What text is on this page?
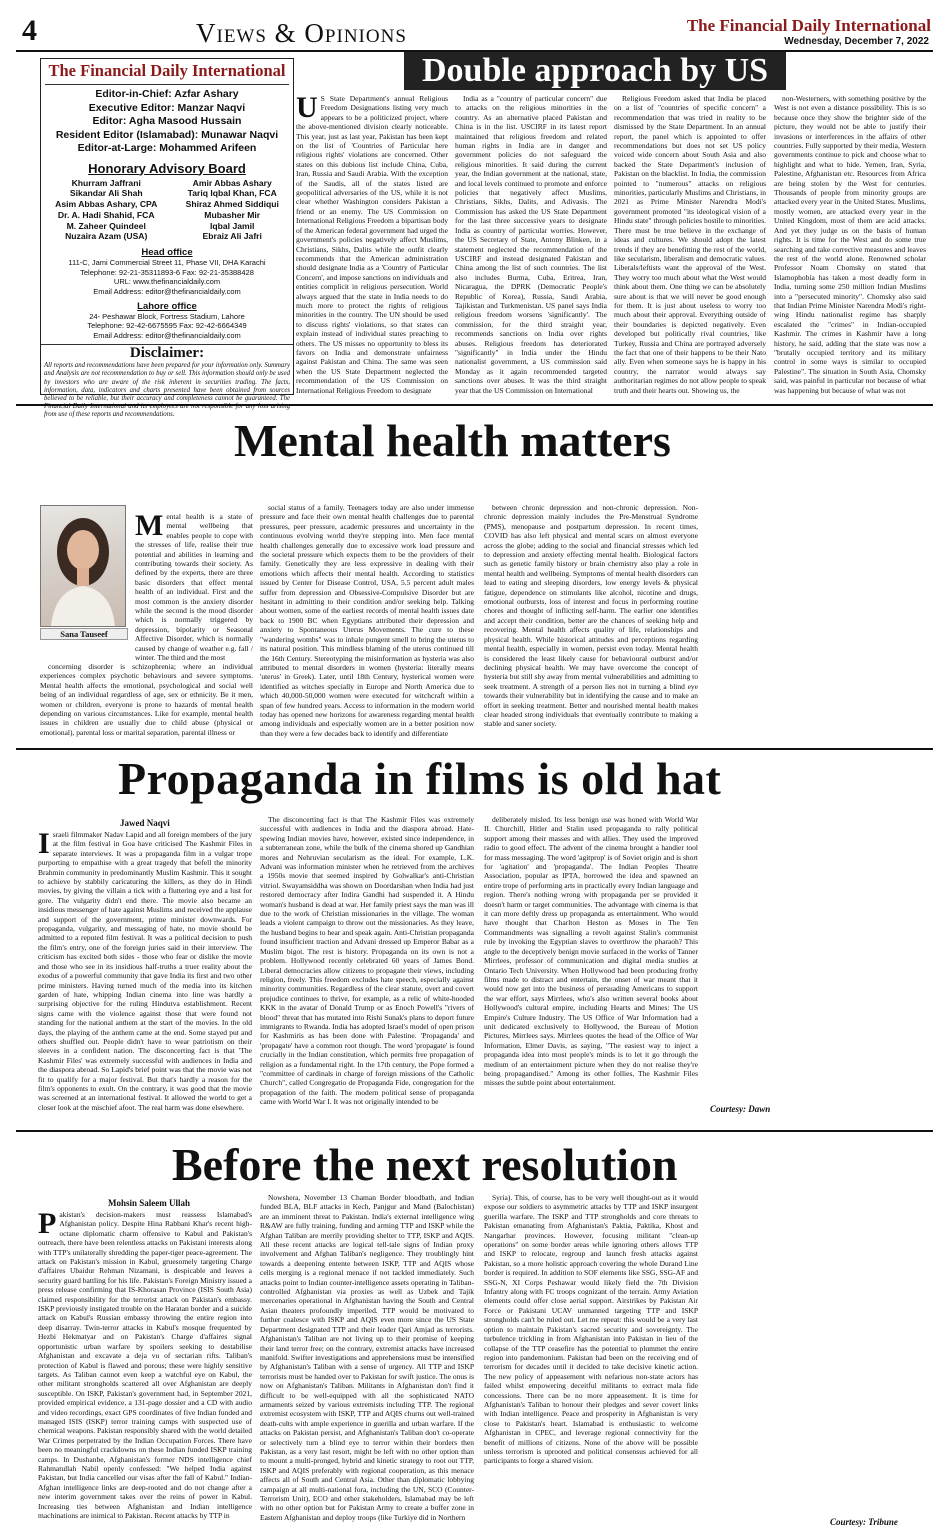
4	Views & Opinions	The Financial Daily International
Wednesday, December 7, 2022
The Financial Daily International
Editor-in-Chief: Azfar Ashary
Executive Editor: Manzar Naqvi
Editor: Agha Masood Hussain
Resident Editor (Islamabad): Munawar Naqvi
Editor-at-Large: Mohammed Arifeen
Honorary Advisory Board
Khurram Jaffrani
Sikandar Ali Shah
Asim Abbas Ashary, CPA
Dr. A. Hadi Shahid, FCA
M. Zaheer Quindeel
Nuzaira Azam (USA)
Amir Abbas Ashary
Tariq Iqbal Khan, FCA
Shiraz Ahmed Siddiqui
Mubasher Mir
Iqbal Jamil
Ebraiz Ali Jafri
Head office
111-C, Jami Commercial Street 11, Phase VII, DHA Karachi
Telephone: 92-21-35311893-6 Fax: 92-21-35388428
URL: www.thefinancialdaily.com
Email Address: editor@thefinancialdaily.com
Lahore office
24- Peshawar Block, Fortress Stadium, Lahore
Telephone: 92-42-6675595 Fax: 92-42-6664349
Email Address: editor@thefinancialdaily.com
Disclaimer:
All reports and recommendations have been prepared for your information only. Summary and Analysis are not recommendation to buy or sell. This information should only be used by investors who are aware of the risk inherent in securities trading. The facts, information, data, indicators and charts presented have been obtained from sources believed to be reliable, but their accuracy and completeness cannot be guaranteed. The Financial Daily International and its employees are not responsible for any loss arising from use of these reports and recommendations.
Double approach by US

U S State Department's annual Religious Freedom Designations listing very much appears to be a politicized project, where the above-mentioned division clearly noticeable. This year, just as last year, Pakistan has been kept on the list of 'Countries of Particular here religious rights' violations are concerned. Other states on this dubious list include China, Cuba, Iran, Russia and Saudi Arabia. With the exception of the Saudis, all of the states listed are geopolitical adversaries of the US, while it is not clear whether Washington considers Pakistan a friend or an enemy. The US Commission on International Religious Freedom a bipartisan body of the American federal government had urged the government's policies negatively affect Muslims, Christians, Sikhs, Dalits while the outfit clearly recommends that the American administration should designate India as a 'Country of Particular Concern', and impose sanctions on individuals and entities complicit in religious persecution. World always argued that the state in India needs to do much more to protect the rights of religious minorities in the country. The UN should be used to discuss rights' violations, so that states can explain instead of individual states preaching to others. The US misses no opportunity to bless its favors on India and demonstrate unfairness against Pakistan and China. The same was seen when the US State Department neglected the recommendation of the US Commission on International Religious Freedom to designate

India as a "country of particular concern" due to attacks on the religious minorities in the country. As an alternative placed Pakistan and China is in the list. USCIRF in its latest report maintained that religious freedom and related human rights in India are in danger and government policies do not safeguard the religious minorities. It said during the current year, the Indian government at the national, state, and local levels continued to promote and enforce policies that negatively affect Muslims, Christians, Sikhs, Dalits, and Adivasis. The Commission has asked the US State Department for the last three successive years to designate India as country of particular worries. However, the US Secretary of State, Antony Blinken, in a statement neglected the recommendation of the USCIRF and instead designated Pakistan and China among the list of such countries. The list also includes Burma, Cuba, Eritrea, Iran, Nicaragua, the DPRK (Democratic People's Republic of Korea), Russia, Saudi Arabia, Tajikistan and Turkmenistan. US panel says India religious freedom worsens 'significantly'. The commission, for the third straight year, recommends sanctions on India over rights abuses. Religious freedom has deteriorated "significantly" in India under the Hindu nationalist government, a US commission said Monday as it again recommended targeted sanctions over abuses. It was the third straight year that the US Commission on International

Religious Freedom asked that India be placed on a list of "countries of specific concern" a recommendation that was tried in reality to be dismissed by the State Department. In an annual report, the panel which is appointed to offer recommendations but does not set US policy voiced wide concern about South Asia and also backed the State Department's inclusion of Pakistan on the blacklist. In India, the commission pointed to "numerous" attacks on religious minorities, particularly Muslims and Christians, in 2021 as Prime Minister Narendra Modi's government promoted "its ideological vision of a Hindu state" through policies hostile to minorities. There must be true believe in the exchange of ideas and cultures. We should adopt the latest trends if they are benefitting the rest of the world, like secularism, liberalism and democratic values. Liberals/leftists want the approval of the West. They worry too much about what the West would think about them. One thing we can be absolutely sure about is that we will never be good enough for them. It is just about useless to worry too much about their approval. Everything outside of their boundaries is depicted negatively. Even developed but politically rival countries, like Turkey, Russia and China are portrayed adversely the fact that one of their happens to be their Nato ally. Even when someone says he is happy in his country, the narrator would always say authoritarian regimes do not allow people to speak truth and their hearts out. Showing us, the

non-Westerners, with something positive by the West is not even a distance possibility. This is so because once they show the brighter side of the picture, they would not be able to justify their invasions or interferences in the affairs of other countries. Fully supported by their media, Western governments continue to pick and choose what to highlight and what to hide. Yemen, Iran, Syria, Palestine, Afghanistan etc. Resources from Africa are being stolen by the West for centuries. Thousands of people from minority groups are attacked every year in the United States. Muslims, mostly women, are attacked every year in the United Kingdom, most of them are acid attacks. And yet they judge us on the basis of human rights. It is time for the West and do some true searching and take corrective measures and leaves the rest of the world alone. Renowned scholar Professor Noam Chomsky on stated that Islamophobia has taken a most deadly form in India, turning some 250 million Indian Muslims into a "persecuted minority". Chomsky also said that Indian Prime Minister Narendra Modi's right-wing Hindu nationalist regime has sharply escalated the "crimes" in Indian-occupied Kashmir. The crimes in Kashmir have a long history, he said, adding that the state was now a "brutally occupied territory and its military control in some ways is similar to occupied Palestine". The situation in South Asia, Chomsky said, was painful in particular not because of what was happening but because of what was not

Mental health matters
Sana Tauseef

Mental health is a state of mental wellbeing that enables people to cope with the stresses of life, realise their true potential and abilities in learning and contributing towards their society. As defined by the experts, there are three basic disorders that effect mental health of an individual. First and the most common is the anxiety disorder while the second is the mood disorder which is normally triggered by depression, bipolarity or Seasonal Affective Disorder, which is normally caused by change of weather e.g. fall / winter. The third and the most

concerning disorder is schizophrenia; where an individual experiences complex psychotic behaviours and severe symptoms. Mental health affects the emotional, psychological and social well being of an individual regardless of age, sex or ethnicity. Be it men, women or children, everyone is prone to hazards of mental health depending on various circumstances. Like for example, mental health issues in children are usually due to child abuse (physical or emotional), parental loss or marital separation, parental illness or

social status of a family. Teenagers today are also under immense pressure and face their own mental health challenges due to parental pressures, peer pressure, academic pressures and uncertainty in the continuous evolving world they're stepping into. Men face mental health challenges generally due to excessive work load pressure and the societal pressure which expects them to be the providers of their family. Genetically they are less expressive in dealing with their emotions which affects their mental health. According to statistics issued by Center for Disease Control, USA, 5.5 percent adult males suffer from depression and Obsessive-Compulsive Disorder but are hesitant in admitting to their condition and/or seeking help. Talking about women, some of the earliest records of mental health issues date back to 1900 BC when Egyptians attributed their depression and anxiety to Spontaneous Uterus Movements. The cure to these "wandering wombs" was to inhale pungent smell to bring the uterus to its natural position. This mindless blaming of the uterus continued till the 16th Century. Stereotyping the misinformation as hysteria was also attributed to mental disorders in women (hysteria: literally means 'uterus' in Greek). Later, until 18th Century, hysterical women were identified as witches specially in Europe and North America due to which 40,000-50,000 women were executed for witchcraft within a span of few hundred years. Access to information in the modern world today has opened new horizons for awareness regarding mental health among individuals and especially women are in a better position now than they were a few decades back to identify and differentiate

between chronic depression and non-chronic depression. Non-chronic depression mainly includes the Pre-Menstrual Syndrome (PMS), menopause and postpartum depression. In recent times, COVID has also left physical and mental scars on almost everyone across the globe; adding to the social and financial stresses which led to depression and anxiety effecting mental health. Biological factors such as genetic family history or brain chemistry also play a role in mental health and wellbeing. Symptoms of mental health disorders can lead to eating and sleeping disorders, low energy levels & physical fatigue, dependence on stimulants like alcohol, nicotine and drugs, emotional outbursts, loss of interest and focus in performing routine chores and thought of inflicting self-harm. The earlier one identifies and accept their condition, better are the chances of seeking help and recovering. Mental health affects quality of life, relationships and physical health. While historical attitudes and perceptions regarding mental health, especially in women, persist even today. Mental health is considered the least likely cause for behavioural outburst and/or declining physical health. We may have overcome the concept of hysteria but still shy away from mental vulnerabilities and admitting to seek treatment. A strength of a person lies not in turning a blind eye towards their vulnerability but in identifying the cause and to make an effort in seeking treatment. Better and nourished mental health makes clear headed strong individuals that eventually contribute to making a stable and saner society.

Propaganda in films is old hat
Jawed Naqvi

Israeli filmmaker Nadav Lapid and all foreign members of the jury at the film festival in Goa have criticised The Kashmir Files in separate interviews. It was a propaganda film in a vulgar trope purporting to empathise with a great tragedy that befell the minority Brahmin community in predominantly Muslim Kashmir. This it sought to achieve by stabbily caricaturing the killers, as they do in Hindi movies, by giving the villain a tick with a fluttering eye and a lust for gore. The vulgarity didn't end there. The movie also became an insidious messenger of hate against Muslims and received the applause and support of the government, prime minister downwards. For propaganda, vulgarity, and messaging of hate, no movie should be admitted to a reputed film festival. It was a political decision to push the film's entry, one of the foreign juries said in their interview. The criticism has excited both sides - those who fear or dislike the movie and those who see in its insidious half-truths a truer reality about the exodus of a powerful community that gave India its first and two other prime ministers. Having turned much of the media into its kitchen garden of hate, whipping Indian cinema into line was hardly a surprising objective for the ruling Hindutva establishment. Recent signs came with the violence against those that were found not standing for the national anthem at the start of the movies. In the old days, the playing of the anthem came at the end. Some stayed put and others shuffled out. People didn't have to wear patriotism on their sleeves in a confident nation. The disconcerting fact is that 'The Kashmir Files' was extremely successful with audiences in India and the diaspora abroad. So Lapid's brief point was that the movie was not fit to qualify for a major festival. But that's hardly a reason for the film's opponents to exult. On the contrary, it was good that the movie was screened at an international festival. It allowed the world to get a closer look at the mischief afoot. The real harm was done elsewhere.

The disconcerting fact is that The Kashmir Files was extremely successful with audiences in India and the diaspora abroad. Hate-spewing Indian movies have, however, existed since independence, in a subterranean zone, while the bulk of the cinema shored up Gandhian mores and Nehruvian secularism as the ideal. For example, L.K. Advani was information minister when he retrieved from the archives a 1950s movie that seemed inspired by Golwalkar's anti-Christian vitriol. Swayamsiddha was shown on Doordarshan when India had just restored democracy after Indira Gandhi had suspended it. A Hindu woman's husband is dead at war. Her family priest says the man was ill due to the work of Christian missionaries in the village. The woman leads a violent campaign to throw out the missionaries. As they leave, the husband begins to hear and speak again. Anti-Christian propaganda found insufficient traction and Advani dressed up Emperor Babar as a Muslim bigot. The rest is history. Propaganda on its own is not a problem. Hollywood recently celebrated 60 years of James Bond. Liberal democracies allow citizens to propagate their views, including religion, freely. This freedom excludes hate speech, especially against minority communities. Regardless of the clear statute, overt and covert prejudice continues to thrive, for example, as a relic of white-hooded KKK in the avatar of Donald Trump or as Enoch Powell's "rivers of blood" threat that has mutated into Rishi Sunak's plans to deport future immigrants to Rwanda. India has adopted Israel's model of open prison for Kashmiris as has been done with Palestine. 'Propaganda' and 'propagate' have a common root though. The word 'propagate' is found crucially in the Indian constitution, which permits free propagation of religion as a fundamental right. In the 17th century, the Pope formed a "committee of cardinals in charge of foreign missions of the Catholic Church", called Congregatio de Propaganda Fide, congregation for the propagation of the faith. The modern political sense of propaganda came with World War I. It was not originally intended to be

deliberately misled. Its less benign use was honed with World War II. Churchill, Hitler and Stalin used propaganda to rally political support among their masses and with allies. They used the improved radio to good effect. The advent of the cinema brought a handier tool for mass messaging. The word 'agitprop' is of Soviet origin and is short for 'agitation' and 'propaganda'. The Indian Peoples Theatre Association, popular as IPTA, borrowed the idea and spawned an entire trope of performing arts in practically every Indian language and region. There's nothing wrong with propaganda per se provided it doesn't harm or target communities. The advantage with cinema is that it can more deftly dress up propaganda as entertainment. Who would have thought that Charlton Heston as Moses in The Ten Commandments was signalling a revolt against Stalin's communist rule by invoking the Egyptian slaves to overthrow the pharaoh? This angle to the deceptively benign movie surfaced in the works of Tanner Mirrlees, professor of communication and digital media studies at Ontario Tech University. When Hollywood had been producing frothy films made to distract and entertain, the onset of war meant that it would now get into the business of persuading Americans to support the war effort, says Mirrlees, who's also written several books about Hollywood's cultural empire, including Hearts and Mines: The US Empire's Culture Industry. The US Office of War Information had a unit dedicated exclusively to Hollywood, the Bureau of Motion Pictures, Mirrlees says. Mirrlees quotes the head of the Office of War Information, Elmer Davis, as saying, "The easiest way to inject a propaganda idea into most people's minds is to let it go through the medium of an entertainment picture when they do not realise they're being propagandised." Among its other follies, The Kashmir Files misses the subtle point about entertainment.

Courtesy: Dawn
Before the next resolution
Mohsin Saleem Ullah

Pakistan's decision-makers must reassess Islamabad's Afghanistan policy. Despite Hina Rabbani Khar's recent high-octane diplomatic charm offensive to Kabul and Pakistan's outreach, there have been relentless attacks on Pakistani interests along with TTP's unilaterally shredding the paper-tiger peace-agreement. The attack on Pakistan's mission in Kabul, gruesomely targeting Charge d'affaires Ubaidur Rehman Nizamani, is despicable and leaves a security guard battling for his life. Pakistan's Foreign Ministry issued a press release confirming that IS-Khorasan Province (ISIS South Asia) claimed responsibility for the terrorist attack on Pakistan's embassy. ISKP previously instigated trouble on the Haratan border and a suicide attack on Kabul's Russian embassy throwing the entire region into deep disarray. Twin-terror attacks in Kabul's mosque frequented by Hezbi Hekmatyar and on Pakistan's Charge d'affaires signal opportunistic urban warfare by spoilers seeking to destabilise Afghanistan and excavate a deja vu of sectarian rifts. Taliban's protection of Kabul is flawed and porous; these were highly sensitive targets. As Taliban cannot even keep a watchful eye on Kabul, the other militant strongholds scattered all over Afghanistan are deeply susceptible. On ISKP, Pakistan's government had, in September 2021, provided empirical evidence, a 131-page dossier and a CD with audio and video recordings, exact GPS coordinates of five Indian funded and managed ISIS (ISKP) terror training camps with suspected use of chemical weapons. Pakistan responsibly shared with the world detailed War Crimes perpetrated by the Indian Occupation Forces. There have been no meaningful crackdowns on these Indian funded ISKP training camps. In Dushanbe, Afghanistan's former NDS intelligence chief Rahmatullah Nabil openly confessed: "We helped India against Pakistan, but India cancelled our visas after the fall of Kabul." Indian-Afghan intelligence links are deep-rooted and do not change after a new interim government takes over the reins of power in Kabul. Increasing ties between Afghanistan and Indian intelligence machinations are inimical to Pakistan. Recent attacks by TTP in

Nowshera, November 13 Chaman Border bloodbath, and Indian funded BLA, BLF attacks in Kech, Panjgur and Mand (Balochistan) are an imminent threat to Pakistan. India's external intelligence wing R&AW are fully training, funding and arming TTP and ISKP while the Afghan Taliban are merrily providing shelter to TTP, ISKP and AQIS. All these recent attacks are logical tell-tale signs of Indian proxy involvement and Afghan Taliban's negligence. They troublingly hint towards a deepening entente between ISKP, TTP and AQIS whose cells merging is a regional menace if not tackled immediately. Such attacks point to Indian counter-intelligence assets operating in Taliban-controlled Afghanistan via proxies as well as Uzbek and Tajik mercenaries operational in Afghanistan having the South and Central Asian theaters profoundly imperiled. TTP would be motivated to further coalesce with ISKP and AQIS even more since the US State Department designated TTP and their leader Qari Amjad as terrorists. Afghanistan's Taliban are not living up to their promise of keeping their land terror free; on the contrary, extremist attacks have increased manifold. Swifter investigations and apprehensions must be intensified by Afghanistan's Taliban with a sense of urgency. All TTP and ISKP terrorists must be handed over to Pakistan for swift justice. The onus is now on Afghanistan's Taliban. Militants in Afghanistan don't find it difficult to be well-equipped with all the sophisticated NATO armaments seized by various extremists including TTP. The regional extremist ecosystem with ISKP, TTP and AQIS churns out well-trained death-cults with ample experience in guerilla and urban warfare. If the attacks on Pakistan persist, and Afghanistan's Taliban don't co-operate or selectively turn a blind eye to terror within their borders then Pakistan, as a very last resort, might be left with no other option than to mount a multi-pronged, hybrid and kinetic strategy to root out TTP, ISKP and AQIS preferably with regional cooperation, as this menace affects all of South and Central Asia. Other than diplomatic lobbying campaign at all multi-national fora, including the UN, SCO (Counter-Terrorism Unit), ECO and other stakeholders, Islamabad may be left with no other option but for Pakistan Army to create a buffer zone in Eastern Afghanistan and deploy troops (like Turkiye did in Northern

Syria). This, of course, has to be very well thought-out as it would expose our soldiers to asymmetric attacks by TTP and ISKP insurgent guerilla warfare. The ISKP and TTP strongholds and core threats to Pakistan emanating from Afghanistan's Paktia, Paktika, Khost and Nangarhar provinces. However, focusing militant "clean-up operations" on some border areas while ignoring others allows TTP and ISKP to relocate, regroup and launch fresh attacks against Pakistan, so a more holistic approach covering the whole Durand Line border is required. In addition to SOF elements like SSG, SSG-AF and SSG-N, XI Corps Peshawar would likely field the 7th Division Infantry along with FC troops cognizant of the terrain. Army Aviation elements could offer close aerial support. Airstrikes by Pakistan Air Force or Pakistani UCAV unmanned targeting TTP and ISKP strongholds can't be ruled out. Let me repeat: this would be a very last option to maintain Pakistan's sacred security and sovereignty. The turbulence trickling in from Afghanistan into Pakistan in lieu of the collapse of the TTP ceasefire has the potential to plummet the entire region into pandemonium. Pakistan had been on the receiving end of terrorism for decades until it decided to take decisive kinetic action. The new policy of appeasement with nefarious non-state actors has failed whilst empowering deceitful militants to extract mala fide concessions. There can be no more appeasement. It is time for Afghanistan's Taliban to honour their pledges and sever covert links with Indian intelligence. Peace and prosperity in Afghanistan is very close to Pakistan's heart. Islamabad is enthusiastic to welcome Afghanistan in CPEC, and leverage regional connectivity for the benefit of millions of citizens. None of the above will be possible unless terrorism is uprooted and political consensus achieved for all participants to forge a shared vision.

Courtesy: Tribune
